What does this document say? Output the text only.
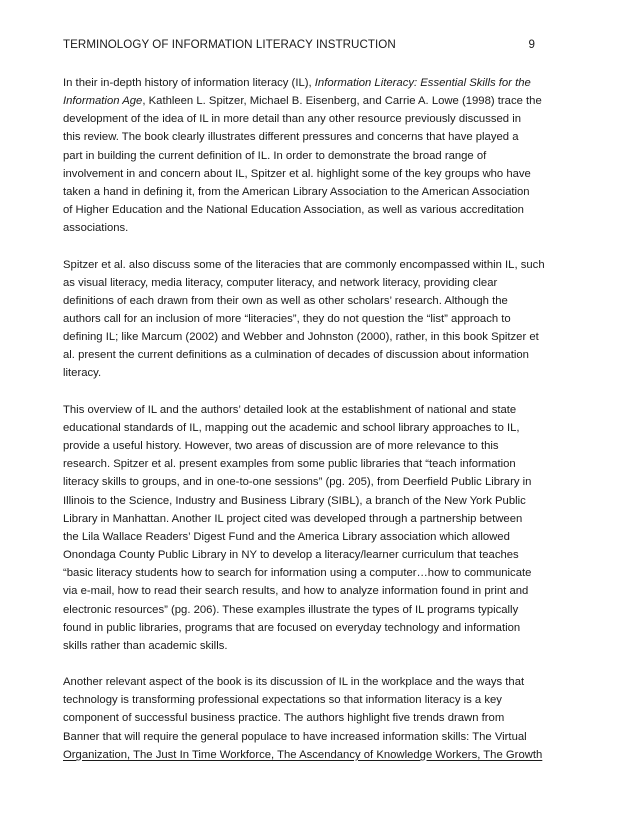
TERMINOLOGY OF INFORMATION LITERACY INSTRUCTION	9
In their in-depth history of information literacy (IL), Information Literacy: Essential Skills for the
Information Age, Kathleen L. Spitzer, Michael B. Eisenberg, and Carrie A. Lowe (1998) trace the
development of the idea of IL in more detail than any other resource previously discussed in
this review. The book clearly illustrates different pressures and concerns that have played a
part in building the current definition of IL. In order to demonstrate the broad range of
involvement in and concern about IL, Spitzer et al. highlight some of the key groups who have
taken a hand in defining it, from the American Library Association to the American Association
of Higher Education and the National Education Association, as well as various accreditation
associations.
Spitzer et al. also discuss some of the literacies that are commonly encompassed within IL, such
as visual literacy, media literacy, computer literacy, and network literacy, providing clear
definitions of each drawn from their own as well as other scholars’ research. Although the
authors call for an inclusion of more “literacies”, they do not question the “list” approach to
defining IL; like Marcum (2002) and Webber and Johnston (2000), rather, in this book Spitzer et
al. present the current definitions as a culmination of decades of discussion about information
literacy.
This overview of IL and the authors’ detailed look at the establishment of national and state
educational standards of IL, mapping out the academic and school library approaches to IL,
provide a useful history. However, two areas of discussion are of more relevance to this
research. Spitzer et al. present examples from some public libraries that “teach information
literacy skills to groups, and in one-to-one sessions” (pg. 205), from Deerfield Public Library in
Illinois to the Science, Industry and Business Library (SIBL), a branch of the New York Public
Library in Manhattan. Another IL project cited was developed through a partnership between
the Lila Wallace Readers’ Digest Fund and the America Library association which allowed
Onondaga County Public Library in NY to develop a literacy/learner curriculum that teaches
“basic literacy students how to search for information using a computer…how to communicate
via e-mail, how to read their search results, and how to analyze information found in print and
electronic resources” (pg. 206). These examples illustrate the types of IL programs typically
found in public libraries, programs that are focused on everyday technology and information
skills rather than academic skills.
Another relevant aspect of the book is its discussion of IL in the workplace and the ways that
technology is transforming professional expectations so that information literacy is a key
component of successful business practice. The authors highlight five trends drawn from
Banner that will require the general populace to have increased information skills: The Virtual
Organization, The Just In Time Workforce, The Ascendancy of Knowledge Workers, The Growth
